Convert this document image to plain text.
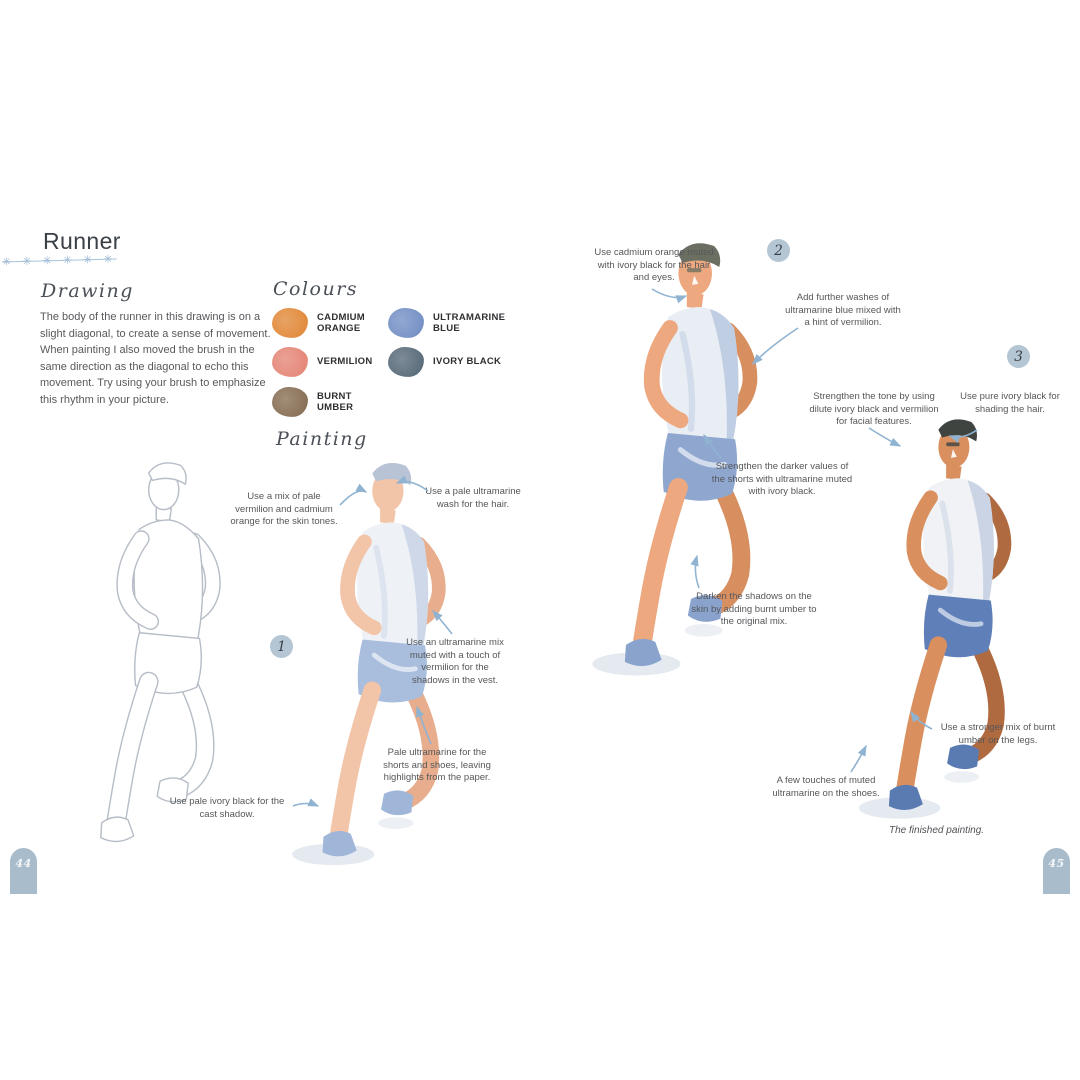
Runner
✳ ✳ ✳ ✳ ✳ ✳
Drawing
The body of the runner in this drawing is on a slight diagonal, to create a sense of movement. When painting I also moved the brush in the same direction as the diagonal to echo this movement. Try using your brush to emphasize this rhythm in your picture.
Colours
CADMIUM ORANGE
VERMILION
BURNT UMBER
ULTRAMARINE BLUE
IVORY BLACK
Painting
1
2
3
Use a mix of pale vermilion and cadmium orange for the skin tones.
Use a pale ultramarine wash for the hair.
Use an ultramarine mix muted with a touch of vermilion for the shadows in the vest.
Pale ultramarine for the shorts and shoes, leaving highlights from the paper.
Use pale ivory black for the cast shadow.
Use cadmium orange muted with ivory black for the hair and eyes.
Add further washes of ultramarine blue mixed with a hint of vermilion.
Strengthen the darker values of the shorts with ultramarine muted with ivory black.
Darken the shadows on the skin by adding burnt umber to the original mix.
Strengthen the tone by using dilute ivory black and vermilion for facial features.
Use pure ivory black for shading the hair.
Use a stronger mix of burnt umber on the legs.
A few touches of muted ultramarine on the shoes.
The finished painting.
44	45
